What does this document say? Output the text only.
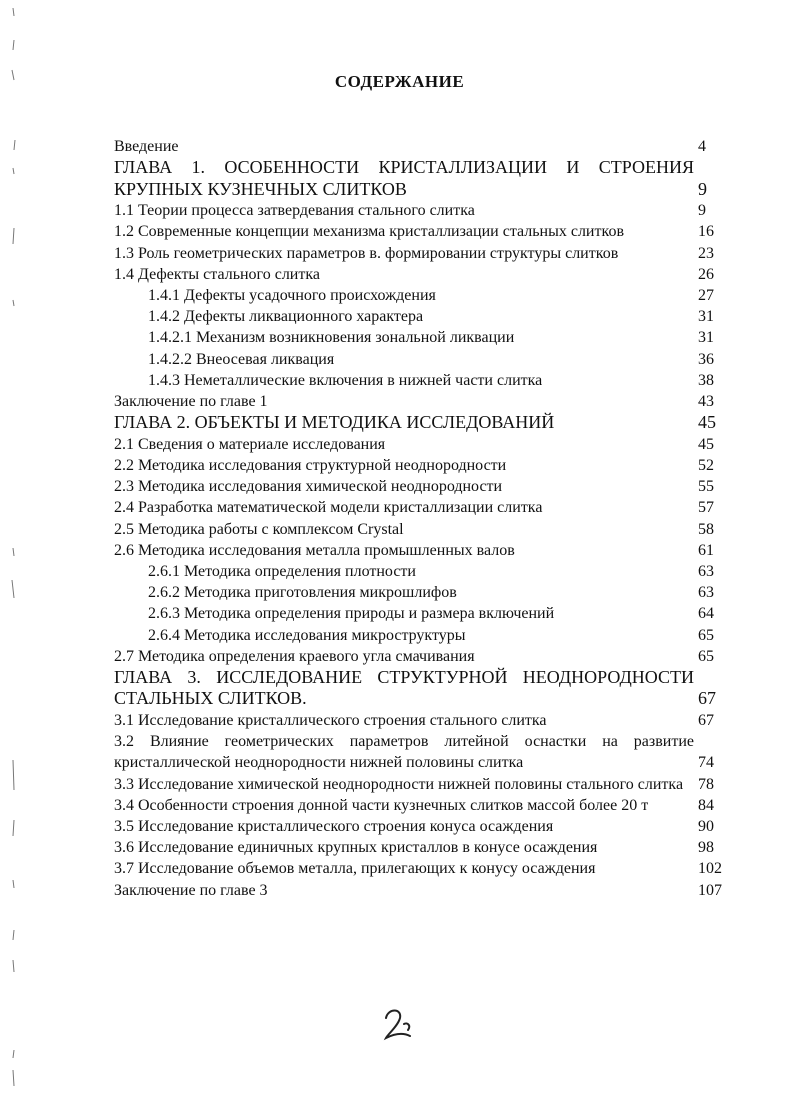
СОДЕРЖАНИЕ
Введение	4
ГЛАВА 1. ОСОБЕННОСТИ КРИСТАЛЛИЗАЦИИ И СТРОЕНИЯ КРУПНЫХ КУЗНЕЧНЫХ СЛИТКОВ	9
1.1 Теории процесса затвердевания стального слитка	9
1.2 Современные концепции механизма кристаллизации стальных слитков	16
1.3 Роль геометрических параметров в. формировании структуры слитков	23
1.4 Дефекты стального слитка	26
1.4.1 Дефекты усадочного происхождения	27
1.4.2 Дефекты ликвационного характера	31
1.4.2.1 Механизм возникновения зональной ликвации	31
1.4.2.2 Внеосевая ликвация	36
1.4.3 Неметаллические включения в нижней части слитка	38
Заключение по главе 1	43
ГЛАВА 2. ОБЪЕКТЫ И МЕТОДИКА ИССЛЕДОВАНИЙ	45
2.1 Сведения о материале исследования	45
2.2 Методика исследования структурной неоднородности	52
2.3 Методика исследования химической неоднородности	55
2.4 Разработка математической модели кристаллизации слитка	57
2.5 Методика работы с комплексом Crystal	58
2.6 Методика исследования металла промышленных валов	61
2.6.1 Методика определения плотности	63
2.6.2 Методика приготовления микрошлифов	63
2.6.3 Методика определения природы и размера включений	64
2.6.4 Методика исследования микроструктуры	65
2.7 Методика определения краевого угла смачивания	65
ГЛАВА 3. ИССЛЕДОВАНИЕ СТРУКТУРНОЙ НЕОДНОРОДНОСТИ СТАЛЬНЫХ СЛИТКОВ.	67
3.1 Исследование кристаллического строения стального слитка	67
3.2 Влияние геометрических параметров литейной оснастки на развитие кристаллической неоднородности нижней половины слитка	74
3.3 Исследование химической неоднородности нижней половины стального слитка 78
3.4 Особенности строения донной части кузнечных слитков массой более 20 т	84
3.5 Исследование кристаллического строения конуса осаждения	90
3.6 Исследование единичных крупных кристаллов в конусе осаждения	98
3.7 Исследование объемов металла, прилегающих к конусу осаждения	102
Заключение по главе 3	107
